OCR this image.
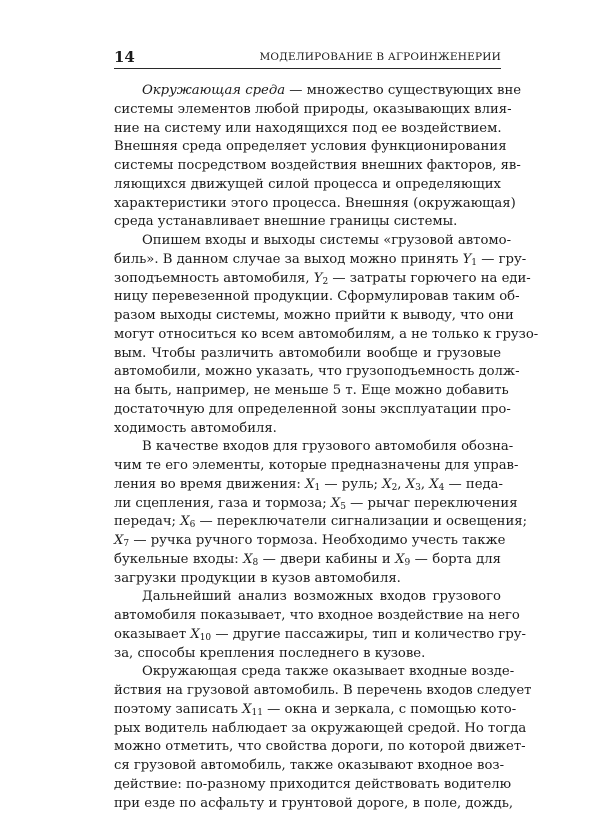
14	МОДЕЛИРОВАНИЕ В АГРОИНЖЕНЕРИИ
Окружающая среда — множество существующих вне
системы элементов любой природы, оказывающих влия-
ние на систему или находящихся под ее воздействием.
Внешняя среда определяет условия функционирования
системы посредством воздействия внешних факторов, яв-
ляющихся движущей силой процесса и определяющих
характеристики этого процесса. Внешняя (окружающая)
среда устанавливает внешние границы системы.
Опишем входы и выходы системы «грузовой автомо-
биль». В данном случае за выход можно принять $Y_1$ — гру-
зоподъемность автомобиля, $Y_2$ — затраты горючего на еди-
ницу перевезенной продукции. Сформулировав таким об-
разом выходы системы, можно прийти к выводу, что они
могут относиться ко всем автомобилям, а не только к грузо-
вым. Чтобы различить автомобили вообще и грузовые
автомобили, можно указать, что грузоподъемность долж-
на быть, например, не меньше 5 т. Еще можно добавить
достаточную для определенной зоны эксплуатации про-
ходимость автомобиля.
В качестве входов для грузового автомобиля обозна-
чим те его элементы, которые предназначены для управ-
ления во время движения: $X_1$ — руль; $X_2$, $X_3$, $X_4$ — педа-
ли сцепления, газа и тормоза; $X_5$ — рычаг переключения
передач; $X_6$ — переключатели сигнализации и освещения;
$X_7$ — ручка ручного тормоза. Необходимо учесть также
букельные входы: $X_8$ — двери кабины и $X_9$ — борта для
загрузки продукции в кузов автомобиля.
Дальнейший анализ возможных входов грузового
автомобиля показывает, что входное воздействие на него
оказывает $X_{10}$ — другие пассажиры, тип и количество гру-
за, способы крепления последнего в кузове.
Окружающая среда также оказывает входные возде-
йствия на грузовой автомобиль. В перечень входов следует
поэтому записать $X_{11}$ — окна и зеркала, с помощью кото-
рых водитель наблюдает за окружающей средой. Но тогда
можно отметить, что свойства дороги, по которой движет-
ся грузовой автомобиль, также оказывают входное воз-
действие: по-разному приходится действовать водителю
при езде по асфальту и грунтовой дороге, в поле, дождь,
